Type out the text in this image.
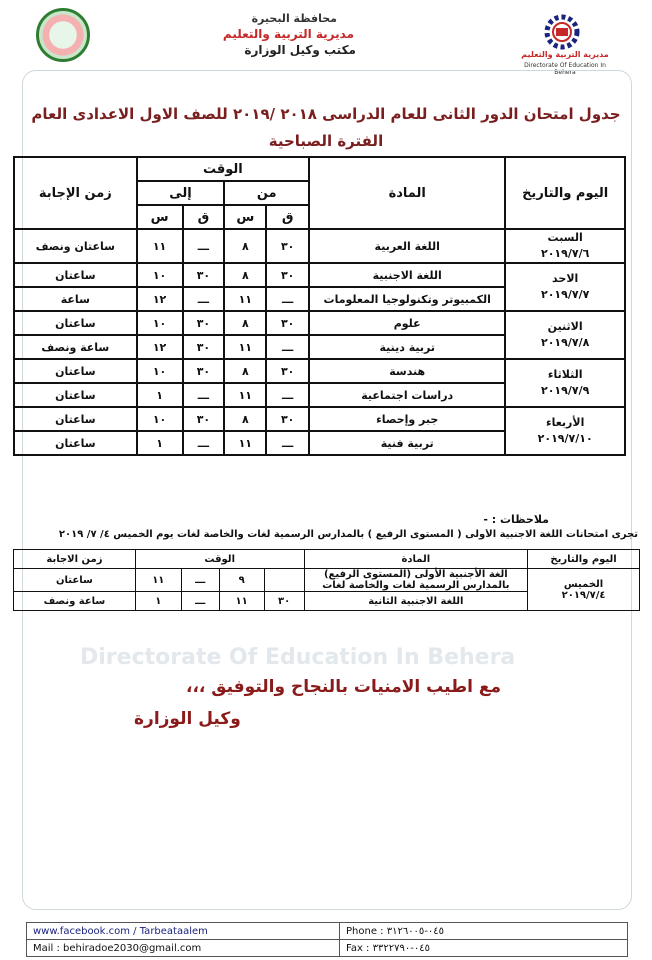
محافظة البحيرة
مديرية التربية والتعليم
مكتب وكيل الوزارة	مديرية التربية والتعليم
Directorate Of Education In Behera
Directorate Of Education In Behera
جدول امتحان الدور الثانى للعام الدراسى ٢٠١٨ /٢٠١٩ للصف الاول الاعدادى العام
الفترة الصباحية
اليوم والتاريخ	المادة	الوقت				زمن الإجابة
		من		إلى		
		ق	س	ق	س	

السبت
٢٠١٩/٧/٦	اللغة العربية	٣٠	٨	ـــ	١١	ساعتان ونصف

الاحد
٢٠١٩/٧/٧	اللغة الاجنبية	٣٠	٨	٣٠	١٠	ساعتان
	الكمبيوتر وتكنولوجيا المعلومات	ـــ	١١	ـــ	١٢	ساعة

الاثنين
٢٠١٩/٧/٨	علوم	٣٠	٨	٣٠	١٠	ساعتان
	تربية دينية	ـــ	١١	٣٠	١٢	ساعة ونصف

الثلاثاء
٢٠١٩/٧/٩	هندسة	٣٠	٨	٣٠	١٠	ساعتان
	دراسات اجتماعية	ـــ	١١	ـــ	١	ساعتان

الأربعاء
٢٠١٩/٧/١٠	جبر وإحصاء	٣٠	٨	٣٠	١٠	ساعتان
	تربية فنية	ـــ	١١	ـــ	١	ساعتان
ملاحظات : -
تجرى امتحانات اللغة الاجنبية الأولى ( المستوى الرفيع ) بالمدارس الرسمية لغات والخاصة لغات يوم الخميس ٤/ ٧/ ٢٠١٩
اليوم والتاريخ	المادة	الوقت				زمن الاجابة

الخميس
٢٠١٩/٧/٤	الغة الأجنبية الأولى (المستوى الرفيع) بالمدارس الرسمية لغات والخاصة لغات		٩	ـــ	١١	ساعتان
	اللغة الاجنبية الثانية	٣٠	١١	ـــ	١	ساعة ونصف
مع اطيب الامنيات بالنجاح والتوفيق ،،،
وكيل الوزارة
www.facebook.com / Tarbeataalem	Phone : ٠٤٥-٣١٢٦٠٠٥
Mail : behiradoe2030@gmail.com	Fax : ٠٤٥-٣٣٢٢٧٩٠
